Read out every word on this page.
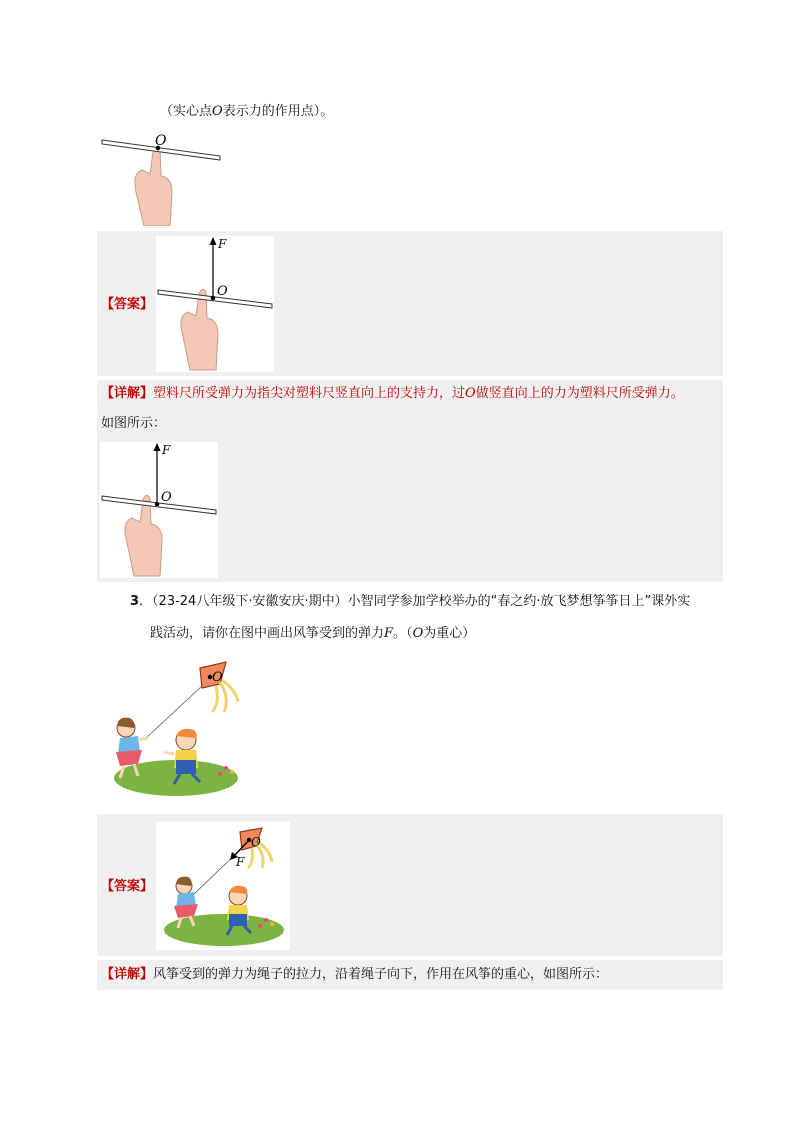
（实心点O表示力的作用点）。
O
【答案】
O
F
【详解】塑料尺所受弹力为指尖对塑料尺竖直向上的支持力，过O做竖直向上的力为塑料尺所受弹力。
如图所示：
O
F
3．（23-24八年级下·安徽安庆·期中）小智同学参加学校举办的“春之约·放飞梦想筝筝日上”课外实
践活动，请你在图中画出风筝受到的弹力F。（O为重心）
O
【答案】
O
F
【详解】风筝受到的弹力为绳子的拉力，沿着绳子向下，作用在风筝的重心，如图所示：
